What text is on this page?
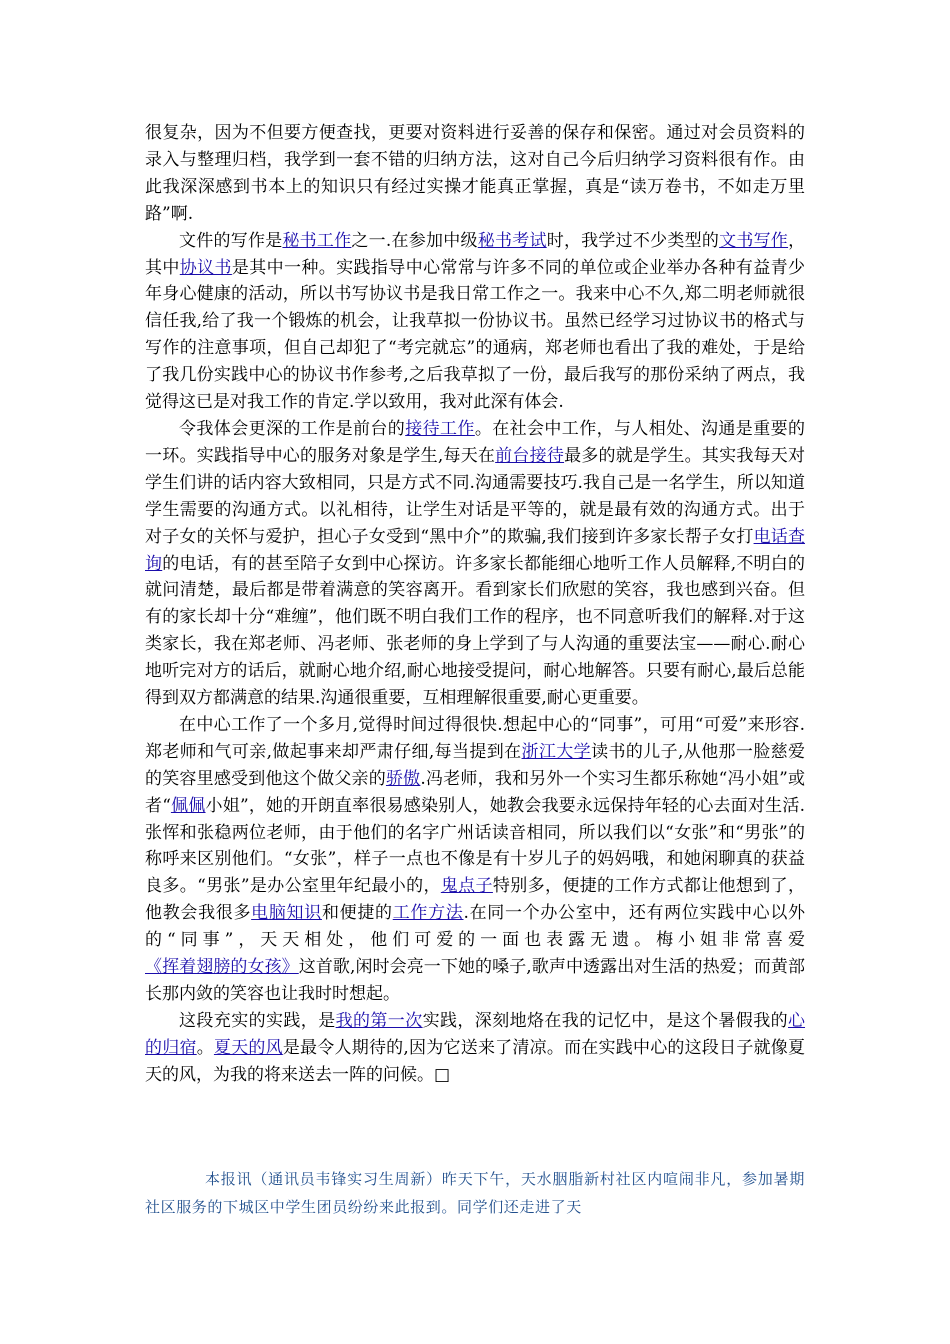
很复杂，因为不但要方便查找，更要对资料进行妥善的保存和保密。通过对会员资料的录入与整理归档，我学到一套不错的归纳方法，这对自己今后归纳学习资料很有作。由此我深深感到书本上的知识只有经过实操才能真正掌握，真是“读万卷书，不如走万里路”啊.

文件的写作是秘书工作之一.在参加中级秘书考试时，我学过不少类型的文书写作，其中协议书是其中一种。实践指导中心常常与许多不同的单位或企业举办各种有益青少年身心健康的活动，所以书写协议书是我日常工作之一。我来中心不久,郑二明老师就很信任我,给了我一个锻炼的机会，让我草拟一份协议书。虽然已经学习过协议书的格式与写作的注意事项，但自己却犯了“考完就忘”的通病，郑老师也看出了我的难处，于是给了我几份实践中心的协议书作参考,之后我草拟了一份，最后我写的那份采纳了两点，我觉得这已是对我工作的肯定.学以致用，我对此深有体会.

令我体会更深的工作是前台的接待工作。在社会中工作，与人相处、沟通是重要的一环。实践指导中心的服务对象是学生,每天在前台接待最多的就是学生。其实我每天对学生们讲的话内容大致相同，只是方式不同.沟通需要技巧.我自己是一名学生，所以知道学生需要的沟通方式。以礼相待，让学生对话是平等的，就是最有效的沟通方式。出于对子女的关怀与爱护，担心子女受到“黑中介”的欺骗,我们接到许多家长帮子女打电话查询的电话，有的甚至陪子女到中心探访。许多家长都能细心地听工作人员解释,不明白的就问清楚，最后都是带着满意的笑容离开。看到家长们欣慰的笑容，我也感到兴奋。但有的家长却十分“难缠”，他们既不明白我们工作的程序，也不同意听我们的解释.对于这类家长，我在郑老师、冯老师、张老师的身上学到了与人沟通的重要法宝——耐心.耐心地听完对方的话后，就耐心地介绍,耐心地接受提问，耐心地解答。只要有耐心,最后总能得到双方都满意的结果.沟通很重要，互相理解很重要,耐心更重要。

在中心工作了一个多月,觉得时间过得很快.想起中心的“同事”，可用“可爱”来形容.郑老师和气可亲,做起事来却严肃仔细,每当提到在浙江大学读书的儿子,从他那一脸慈爱的笑容里感受到他这个做父亲的骄傲.冯老师，我和另外一个实习生都乐称她“冯小姐”或者“佩佩小姐”，她的开朗直率很易感染别人，她教会我要永远保持年轻的心去面对生活.张恽和张稳两位老师，由于他们的名字广州话读音相同，所以我们以“女张”和“男张”的称呼来区别他们。“女张”，样子一点也不像是有十岁儿子的妈妈哦，和她闲聊真的获益良多。“男张”是办公室里年纪最小的，鬼点子特别多，便捷的工作方式都让他想到了，他教会我很多电脑知识和便捷的工作方法.在同一个办公室中，还有两位实践中心以外的“同事”，天天相处，他们可爱的一面也表露无遗。梅小姐非常喜爱《挥着翅膀的女孩》这首歌,闲时会亮一下她的嗓子,歌声中透露出对生活的热爱；而黄部长那内敛的笑容也让我时时想起。

这段充实的实践，是我的第一次实践，深刻地烙在我的记忆中，是这个暑假我的心的归宿。夏天的风是最令人期待的,因为它送来了清凉。而在实践中心的这段日子就像夏天的风，为我的将来送去一阵的问候。□

本报讯（通讯员韦锋实习生周新）昨天下午，天水胭脂新村社区内喧闹非凡，参加暑期社区服务的下城区中学生团员纷纷来此报到。同学们还走进了天
